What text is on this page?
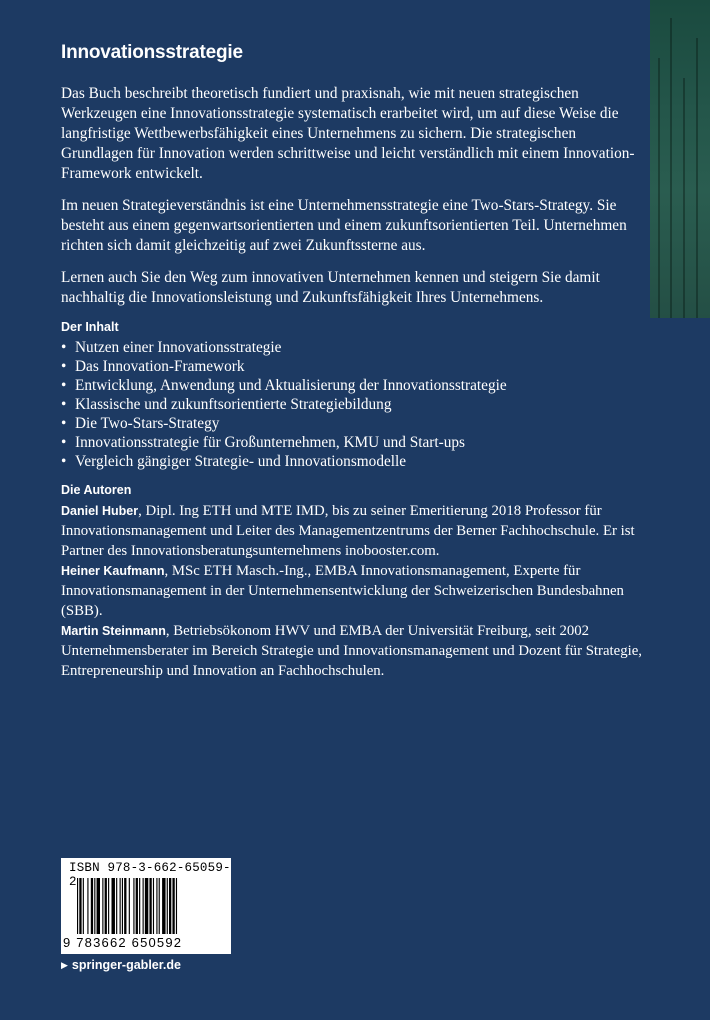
Innovationsstrategie

Das Buch beschreibt theoretisch fundiert und praxisnah, wie mit neuen strategischen Werkzeugen eine Innovationsstrategie systematisch erarbeitet wird, um auf diese Weise die langfristige Wettbewerbsfähigkeit eines Unternehmens zu sichern. Die strategischen Grundlagen für Innovation werden schrittweise und leicht verständlich mit einem Innovation-Framework entwickelt.

Im neuen Strategieverständnis ist eine Unternehmensstrategie eine Two-Stars-Strategy. Sie besteht aus einem gegenwartsorientierten und einem zukunftsorientierten Teil. Unternehmen richten sich damit gleichzeitig auf zwei Zukunftssterne aus.

Lernen auch Sie den Weg zum innovativen Unternehmen kennen und steigern Sie damit nachhaltig die Innovationsleistung und Zukunftsfähigkeit Ihres Unternehmens.

Der Inhalt
• Nutzen einer Innovationsstrategie
• Das Innovation-Framework
• Entwicklung, Anwendung und Aktualisierung der Innovationsstrategie
• Klassische und zukunftsorientierte Strategiebildung
• Die Two-Stars-Strategy
• Innovationsstrategie für Großunternehmen, KMU und Start-ups
• Vergleich gängiger Strategie- und Innovationsmodelle
Die Autoren

Daniel Huber, Dipl. Ing ETH und MTE IMD, bis zu seiner Emeritierung 2018 Professor für Innovationsmanagement und Leiter des Managementzentrums der Berner Fachhochschule. Er ist Partner des Innovationsberatungsunternehmens inobooster.com.

Heiner Kaufmann, MSc ETH Masch.-Ing., EMBA Innovationsmanagement, Experte für Innovationsmanagement in der Unternehmensentwicklung der Schweizerischen Bundesbahnen (SBB).

Martin Steinmann, Betriebsökonom HWV und EMBA der Universität Freiburg, seit 2002 Unternehmensberater im Bereich Strategie und Innovationsmanagement und Dozent für Strategie, Entrepreneurship und Innovation an Fachhochschulen.

ISBN 978-3-662-65059-2
9 783662 650592
▶ springer-gabler.de
